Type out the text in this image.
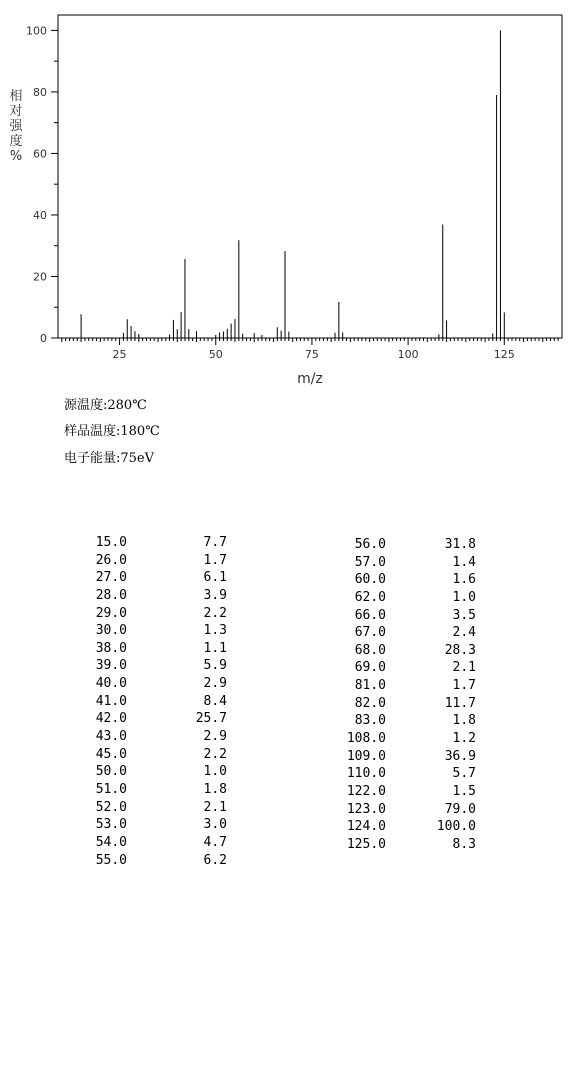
0
20
40
60
80
100
25	50	75	100	125
m/z
相对强度%
源温度:280℃
样品温度:180℃
电子能量:75eV
15.0	7.7
26.0	1.7
27.0	6.1
28.0	3.9
29.0	2.2
30.0	1.3
38.0	1.1
39.0	5.9
40.0	2.9
41.0	8.4
42.0	25.7
43.0	2.9
45.0	2.2
50.0	1.0
51.0	1.8
52.0	2.1
53.0	3.0
54.0	4.7
55.0	6.2
56.0	31.8
57.0	1.4
60.0	1.6
62.0	1.0
66.0	3.5
67.0	2.4
68.0	28.3
69.0	2.1
81.0	1.7
82.0	11.7
83.0	1.8
108.0	1.2
109.0	36.9
110.0	5.7
122.0	1.5
123.0	79.0
124.0	100.0
125.0	8.3
